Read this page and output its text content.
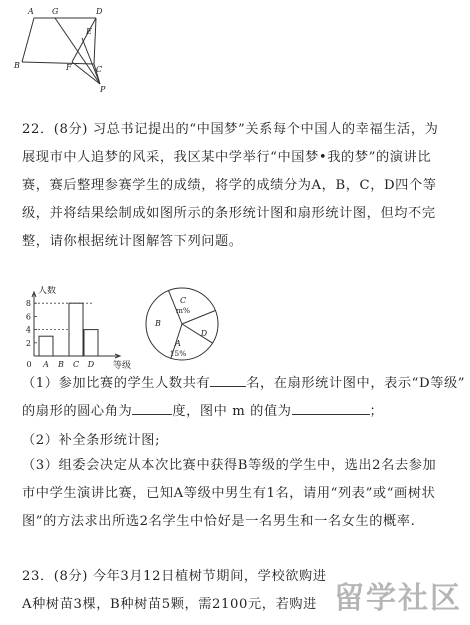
A G	D
E
B	F	C
P

22．(8分) 习总书记提出的“中国梦”关系每个中国人的幸福生活，为展现市中人追梦的风采，我区某中学举行“中国梦•我的梦”的演讲比赛，赛后整理参赛学生的成绩，将学的成绩分为A，B，C，D四个等级，并将结果绘制成如图所示的条形统计图和扇形统计图，但均不完整，请你根据统计图解答下列问题。

2
4
6
8
0 A B C D
人数
等级
A
15%
B
C
m%
D
（1）参加比赛的学生人数共有	名，在扇形统计图中，表示“D等级”
的扇形的圆心角为	度，图中 m 的值为	；
（2）补全条形统计图;

（3）组委会决定从本次比赛中获得B等级的学生中，选出2名去参加市中学生演讲比赛，已知A等级中男生有1名，请用“列表”或“画树状图”的方法求出所选2名学生中恰好是一名男生和一名女生的概率.

23．(8分) 今年3月12日植树节期间，学校欲购进
A种树苗3棵，B种树苗5颗，需2100元，若购进 留学社区
